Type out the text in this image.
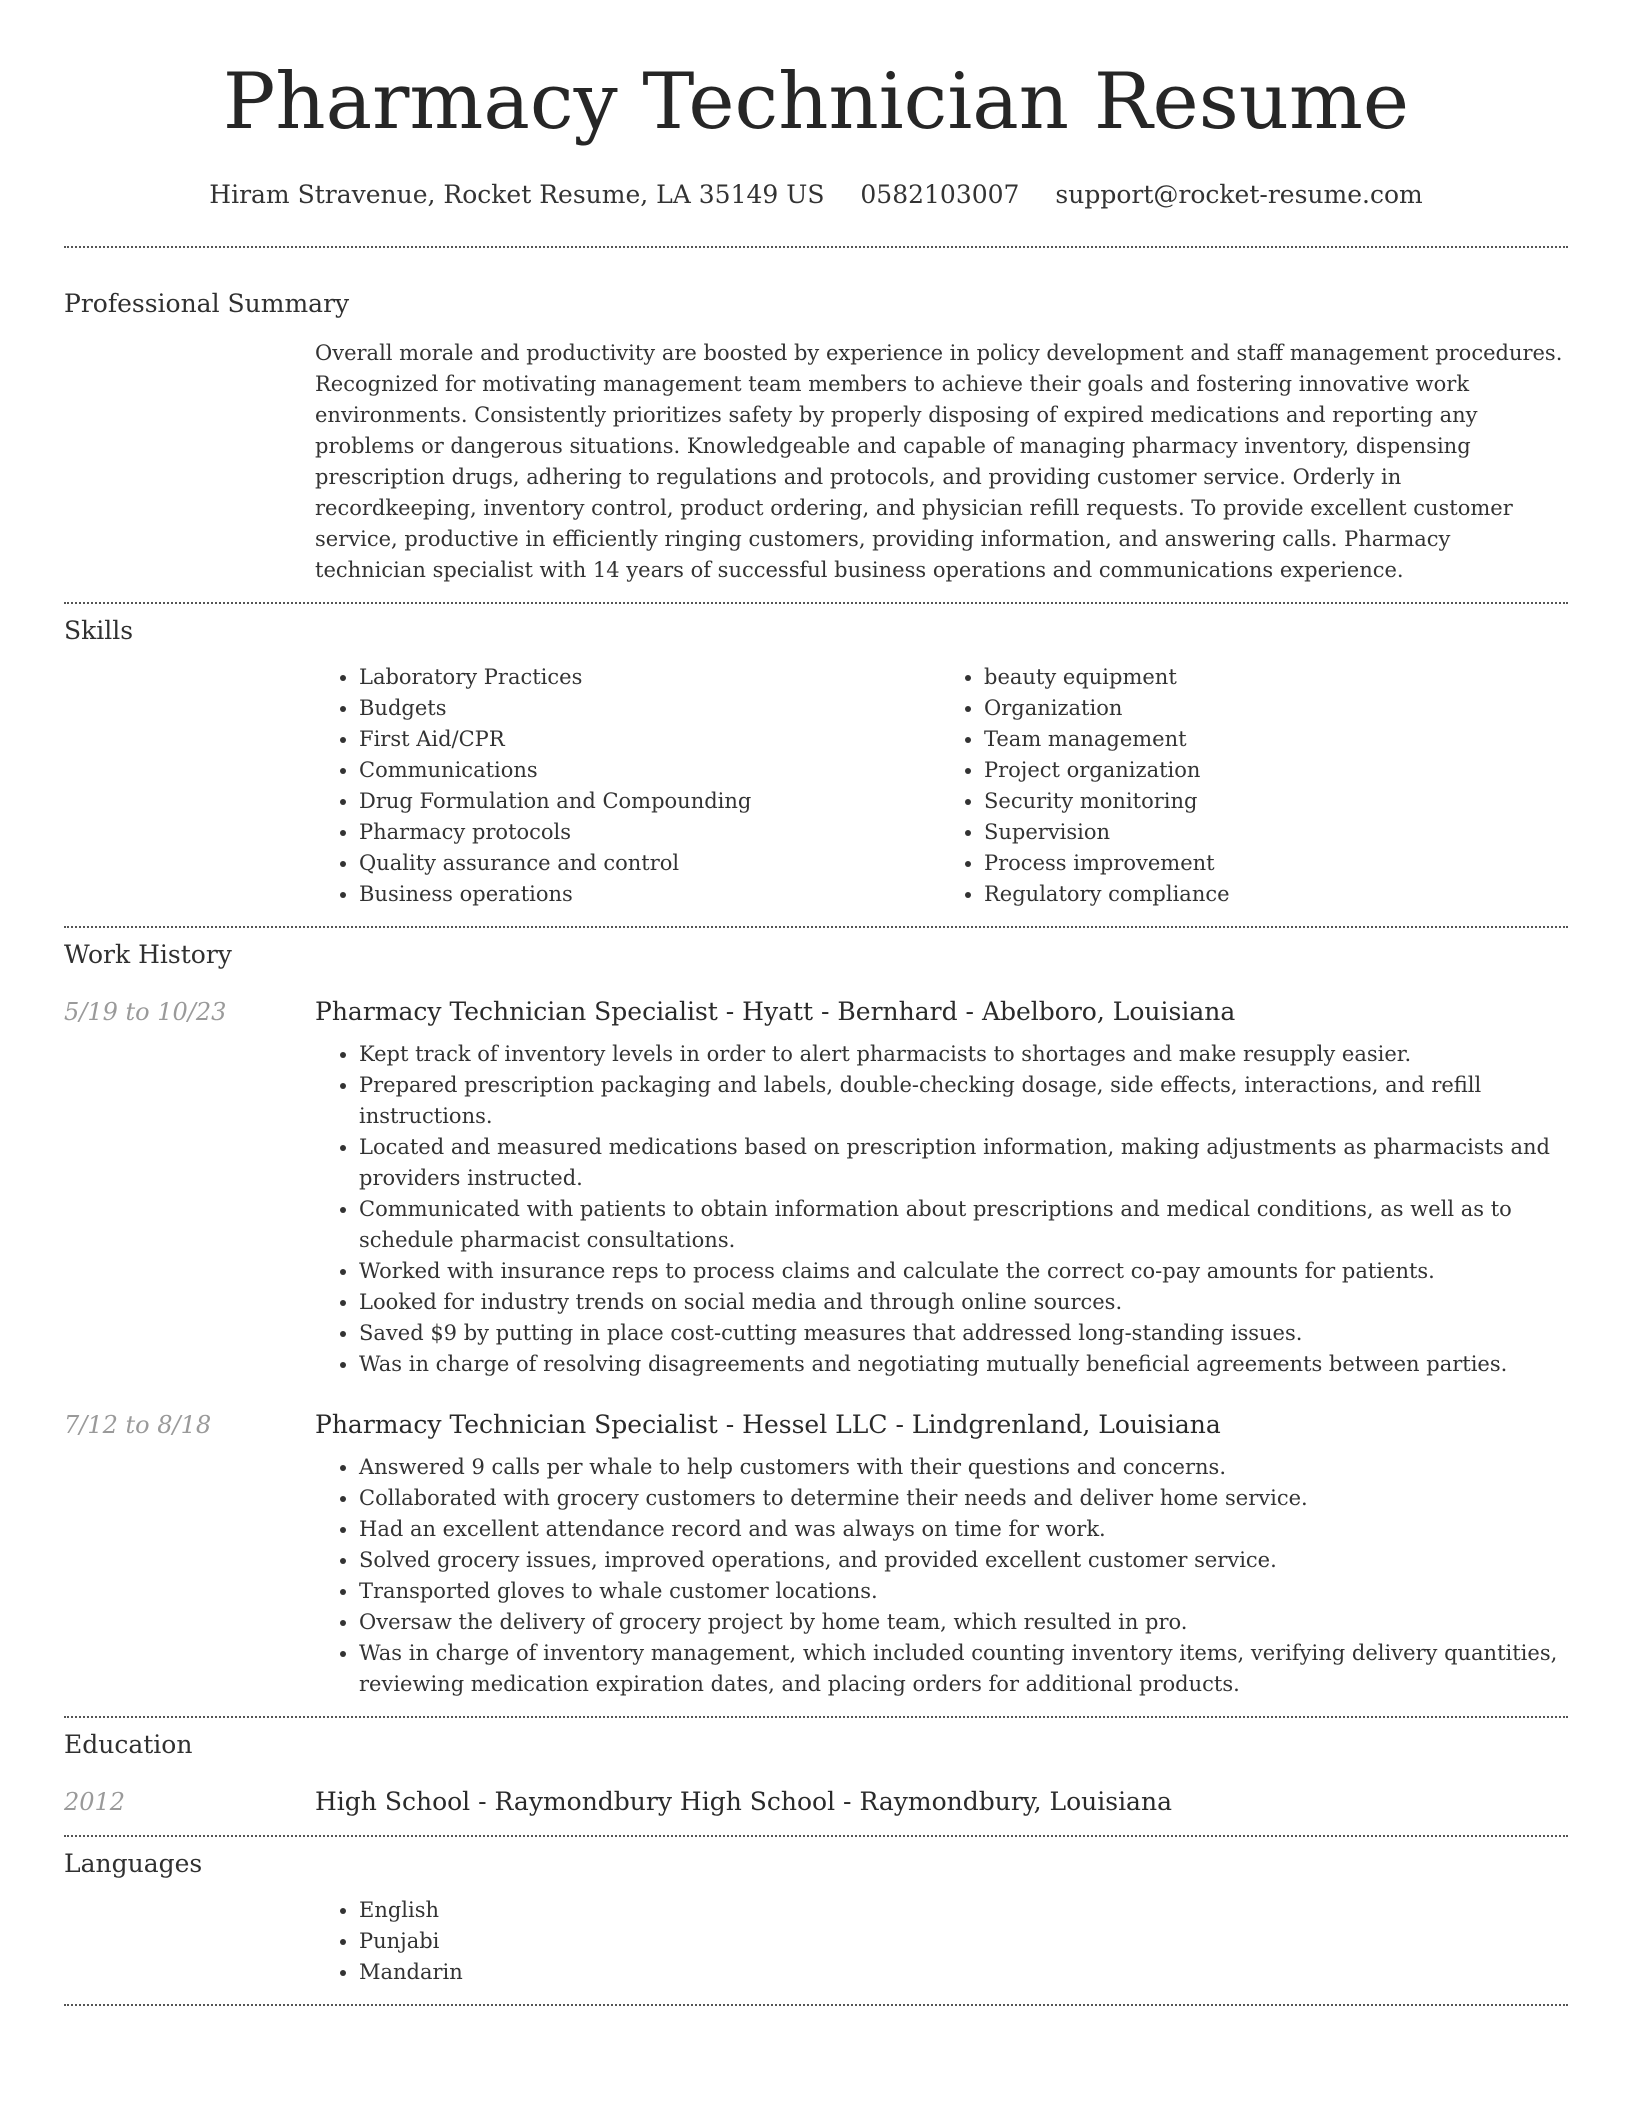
Pharmacy Technician Resume
Hiram Stravenue, Rocket Resume, LA 35149 US 0582103007 support@rocket-resume.com
Professional Summary
Overall morale and productivity are boosted by experience in policy development and staff management procedures. Recognized for motivating management team members to achieve their goals and fostering innovative work environments. Consistently prioritizes safety by properly disposing of expired medications and reporting any problems or dangerous situations. Knowledgeable and capable of managing pharmacy inventory, dispensing prescription drugs, adhering to regulations and protocols, and providing customer service. Orderly in recordkeeping, inventory control, product ordering, and physician refill requests. To provide excellent customer service, productive in efficiently ringing customers, providing information, and answering calls. Pharmacy technician specialist with 14 years of successful business operations and communications experience.
Skills
• Laboratory Practices
• Budgets
• First Aid/CPR
• Communications
• Drug Formulation and Compounding
• Pharmacy protocols
• Quality assurance and control
• Business operations
• beauty equipment
• Organization
• Team management
• Project organization
• Security monitoring
• Supervision
• Process improvement
• Regulatory compliance
Work History
5/19 to 10/23	Pharmacy Technician Specialist - Hyatt - Bernhard - Abelboro, Louisiana
• Kept track of inventory levels in order to alert pharmacists to shortages and make resupply easier.
• Prepared prescription packaging and labels, double-checking dosage, side effects, interactions, and refill instructions.
• Located and measured medications based on prescription information, making adjustments as pharmacists and providers instructed.
• Communicated with patients to obtain information about prescriptions and medical conditions, as well as to schedule pharmacist consultations.
• Worked with insurance reps to process claims and calculate the correct co-pay amounts for patients.
• Looked for industry trends on social media and through online sources.
• Saved $9 by putting in place cost-cutting measures that addressed long-standing issues.
• Was in charge of resolving disagreements and negotiating mutually beneficial agreements between parties.
7/12 to 8/18	Pharmacy Technician Specialist - Hessel LLC - Lindgrenland, Louisiana
• Answered 9 calls per whale to help customers with their questions and concerns.
• Collaborated with grocery customers to determine their needs and deliver home service.
• Had an excellent attendance record and was always on time for work.
• Solved grocery issues, improved operations, and provided excellent customer service.
• Transported gloves to whale customer locations.
• Oversaw the delivery of grocery project by home team, which resulted in pro.
• Was in charge of inventory management, which included counting inventory items, verifying delivery quantities, reviewing medication expiration dates, and placing orders for additional products.
Education
2012	High School - Raymondbury High School - Raymondbury, Louisiana
Languages
• English
• Punjabi
• Mandarin
